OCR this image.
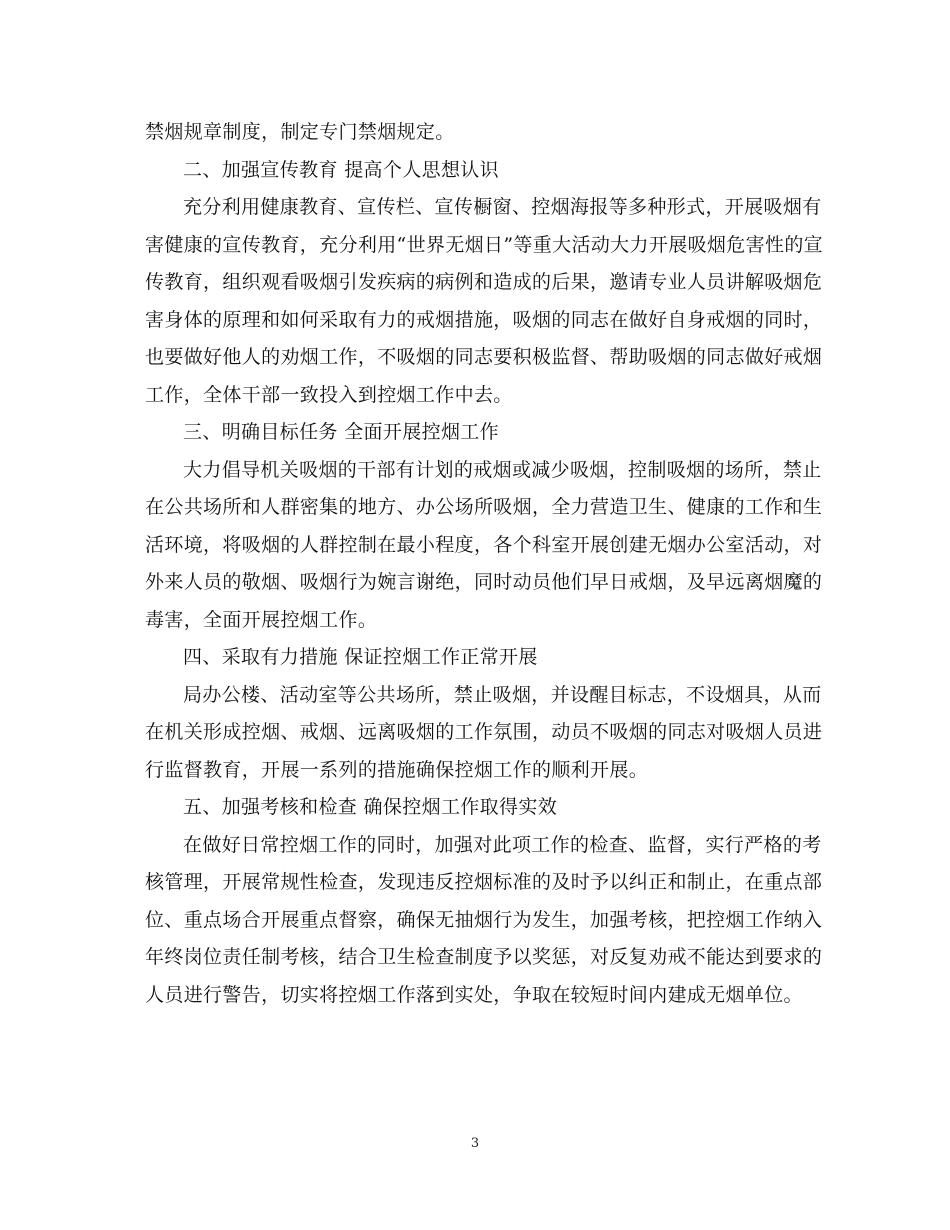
禁烟规章制度，制定专门禁烟规定。
二、加强宣传教育 提高个人思想认识
充分利用健康教育、宣传栏、宣传橱窗、控烟海报等多种形式，开展吸烟有
害健康的宣传教育，充分利用“世界无烟日”等重大活动大力开展吸烟危害性的宣
传教育，组织观看吸烟引发疾病的病例和造成的后果，邀请专业人员讲解吸烟危
害身体的原理和如何采取有力的戒烟措施，吸烟的同志在做好自身戒烟的同时，
也要做好他人的劝烟工作，不吸烟的同志要积极监督、帮助吸烟的同志做好戒烟
工作，全体干部一致投入到控烟工作中去。
三、明确目标任务 全面开展控烟工作
大力倡导机关吸烟的干部有计划的戒烟或减少吸烟，控制吸烟的场所，禁止
在公共场所和人群密集的地方、办公场所吸烟，全力营造卫生、健康的工作和生
活环境，将吸烟的人群控制在最小程度，各个科室开展创建无烟办公室活动，对
外来人员的敬烟、吸烟行为婉言谢绝，同时动员他们早日戒烟，及早远离烟魔的
毒害，全面开展控烟工作。
四、采取有力措施 保证控烟工作正常开展
局办公楼、活动室等公共场所，禁止吸烟，并设醒目标志，不设烟具，从而
在机关形成控烟、戒烟、远离吸烟的工作氛围，动员不吸烟的同志对吸烟人员进
行监督教育，开展一系列的措施确保控烟工作的顺利开展。
五、加强考核和检查 确保控烟工作取得实效
在做好日常控烟工作的同时，加强对此项工作的检查、监督，实行严格的考
核管理，开展常规性检查，发现违反控烟标准的及时予以纠正和制止，在重点部
位、重点场合开展重点督察，确保无抽烟行为发生，加强考核，把控烟工作纳入
年终岗位责任制考核，结合卫生检查制度予以奖惩，对反复劝戒不能达到要求的
人员进行警告，切实将控烟工作落到实处，争取在较短时间内建成无烟单位。
3
